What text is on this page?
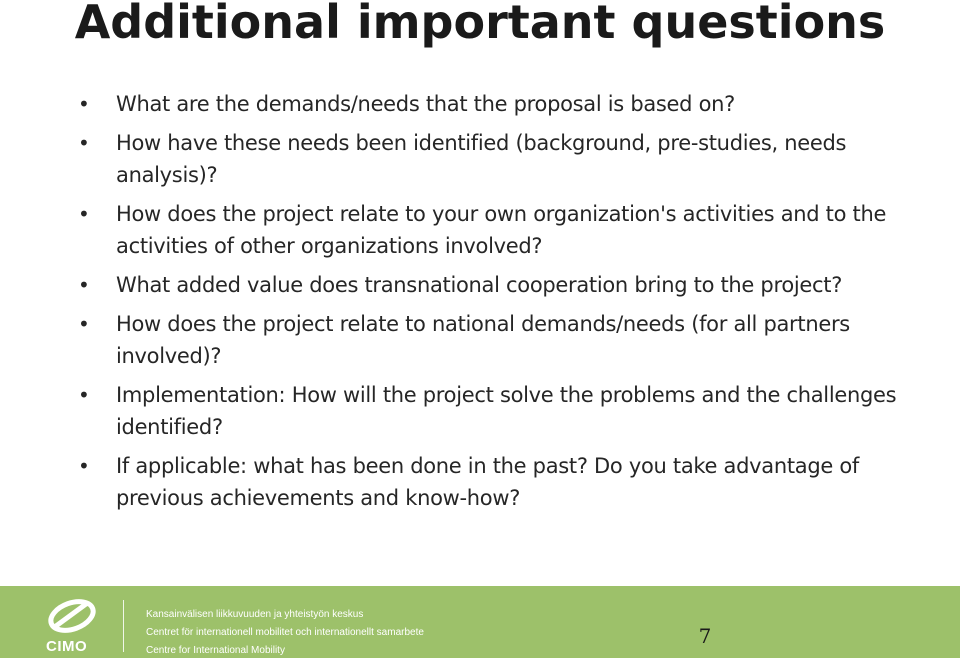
Additional important questions
• What are the demands/needs that the proposal is based on?
• How have these needs been identified (background, pre-studies, needs analysis)?
• How does the project relate to your own organization's activities and to the activities of other organizations involved?
• What added value does transnational cooperation bring to the project?
• How does the project relate to national demands/needs (for all partners involved)?
• Implementation: How will the project solve the problems and the challenges identified?
• If applicable: what has been done in the past? Do you take advantage of previous achievements and know-how?
CIMO
Kansainvälisen liikkuvuuden ja yhteistyön keskus
Centret för internationell mobilitet och internationellt samarbete
Centre for International Mobility
7
